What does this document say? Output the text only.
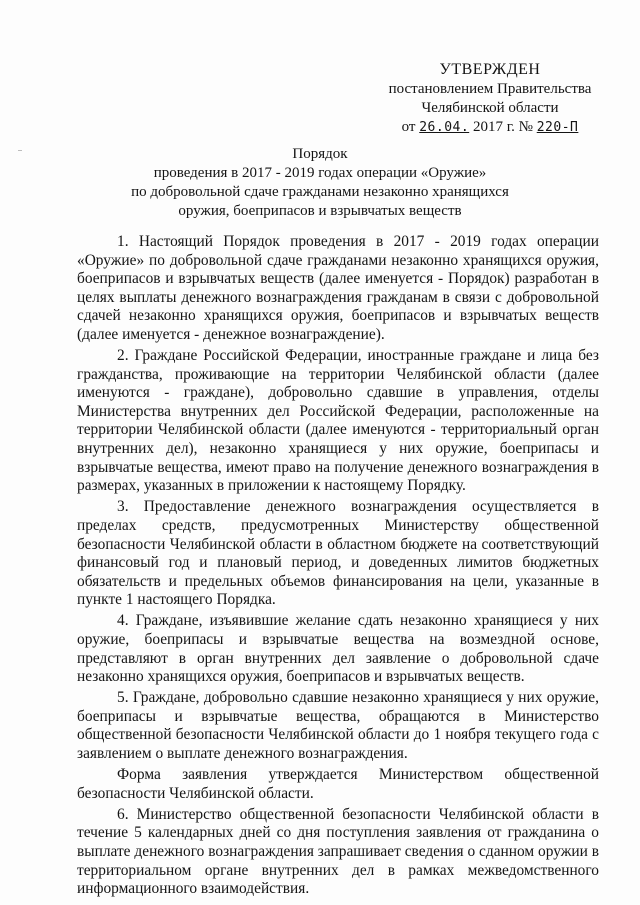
УТВЕРЖДЕН
постановлением Правительства
Челябинской области
от 26.04. 2017 г. № 220-П
Порядок
проведения в 2017 - 2019 годах операции «Оружие»
по добровольной сдаче гражданами незаконно хранящихся
оружия, боеприпасов и взрывчатых веществ

1. Настоящий Порядок проведения в 2017 - 2019 годах операции «Оружие» по добровольной сдаче гражданами незаконно хранящихся оружия, боеприпасов и взрывчатых веществ (далее именуется - Порядок) разработан в целях выплаты денежного вознаграждения гражданам в связи с добровольной сдачей незаконно хранящихся оружия, боеприпасов и взрывчатых веществ (далее именуется - денежное вознаграждение).

2. Граждане Российской Федерации, иностранные граждане и лица без гражданства, проживающие на территории Челябинской области (далее именуются - граждане), добровольно сдавшие в управления, отделы Министерства внутренних дел Российской Федерации, расположенные на территории Челябинской области (далее именуются - территориальный орган внутренних дел), незаконно хранящиеся у них оружие, боеприпасы и взрывчатые вещества, имеют право на получение денежного вознаграждения в размерах, указанных в приложении к настоящему Порядку.

3. Предоставление денежного вознаграждения осуществляется в пределах средств, предусмотренных Министерству общественной безопасности Челябинской области в областном бюджете на соответствующий финансовый год и плановый период, и доведенных лимитов бюджетных обязательств и предельных объемов финансирования на цели, указанные в пункте 1 настоящего Порядка.

4. Граждане, изъявившие желание сдать незаконно хранящиеся у них оружие, боеприпасы и взрывчатые вещества на возмездной основе, представляют в орган внутренних дел заявление о добровольной сдаче незаконно хранящихся оружия, боеприпасов и взрывчатых веществ.

5. Граждане, добровольно сдавшие незаконно хранящиеся у них оружие, боеприпасы и взрывчатые вещества, обращаются в Министерство общественной безопасности Челябинской области до 1 ноября текущего года с заявлением о выплате денежного вознаграждения.

Форма заявления утверждается Министерством общественной безопасности Челябинской области.

6. Министерство общественной безопасности Челябинской области в течение 5 календарных дней со дня поступления заявления от гражданина о выплате денежного вознаграждения запрашивает сведения о сданном оружии в территориальном органе внутренних дел в рамках межведомственного информационного взаимодействия.
